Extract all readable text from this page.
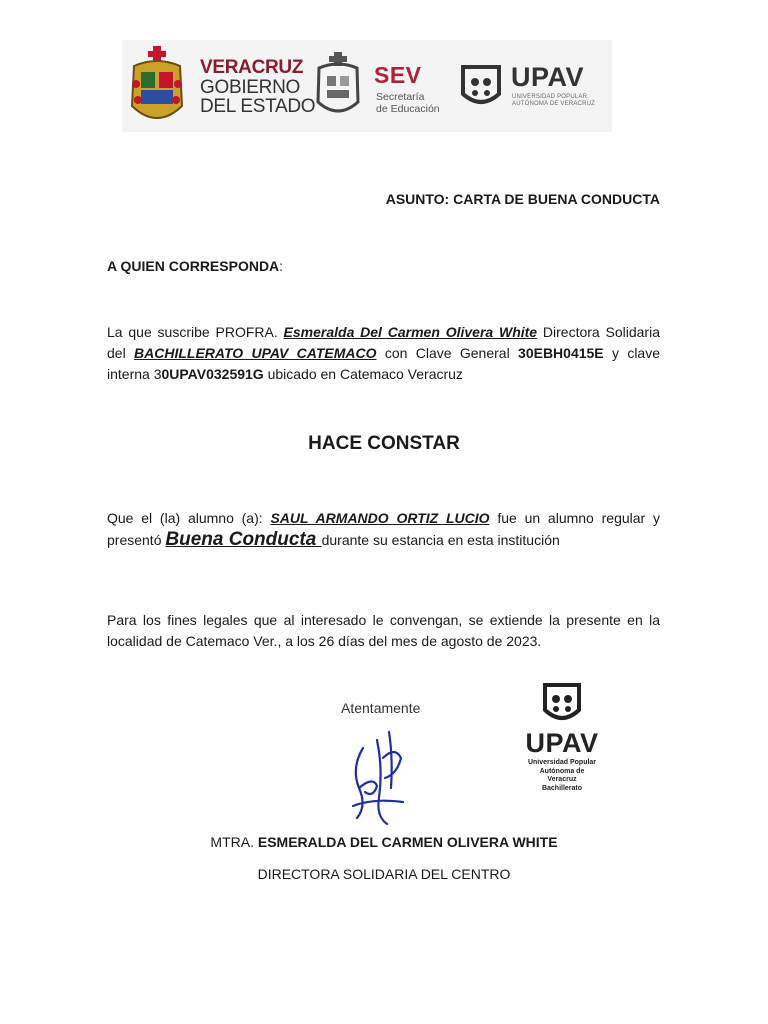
VERACRUZ
GOBIERNO
DEL ESTADO
SEV
Secretaría
de Educación
UPAV
UNIVERSIDAD POPULAR
AUTÓNOMA DE VERACRUZ
ASUNTO: CARTA DE BUENA CONDUCTA
A QUIEN CORRESPONDA:
La que suscribe PROFRA. Esmeralda Del Carmen Olivera White Directora Solidaria del BACHILLERATO UPAV CATEMACO con Clave General 30EBH0415E y clave interna 30UPAV032591G ubicado en Catemaco Veracruz
HACE CONSTAR
Que el (la) alumno (a): SAUL ARMANDO ORTIZ LUCIO fue un alumno regular y presentó Buena Conducta durante su estancia en esta institución
Para los fines legales que al interesado le convengan, se extiende la presente en la localidad de Catemaco Ver., a los 26 días del mes de agosto de 2023.
Atentamente
UPAV
Universidad Popular
Autónoma de
Veracruz
Bachillerato
MTRA. ESMERALDA DEL CARMEN OLIVERA WHITE
DIRECTORA SOLIDARIA DEL CENTRO
